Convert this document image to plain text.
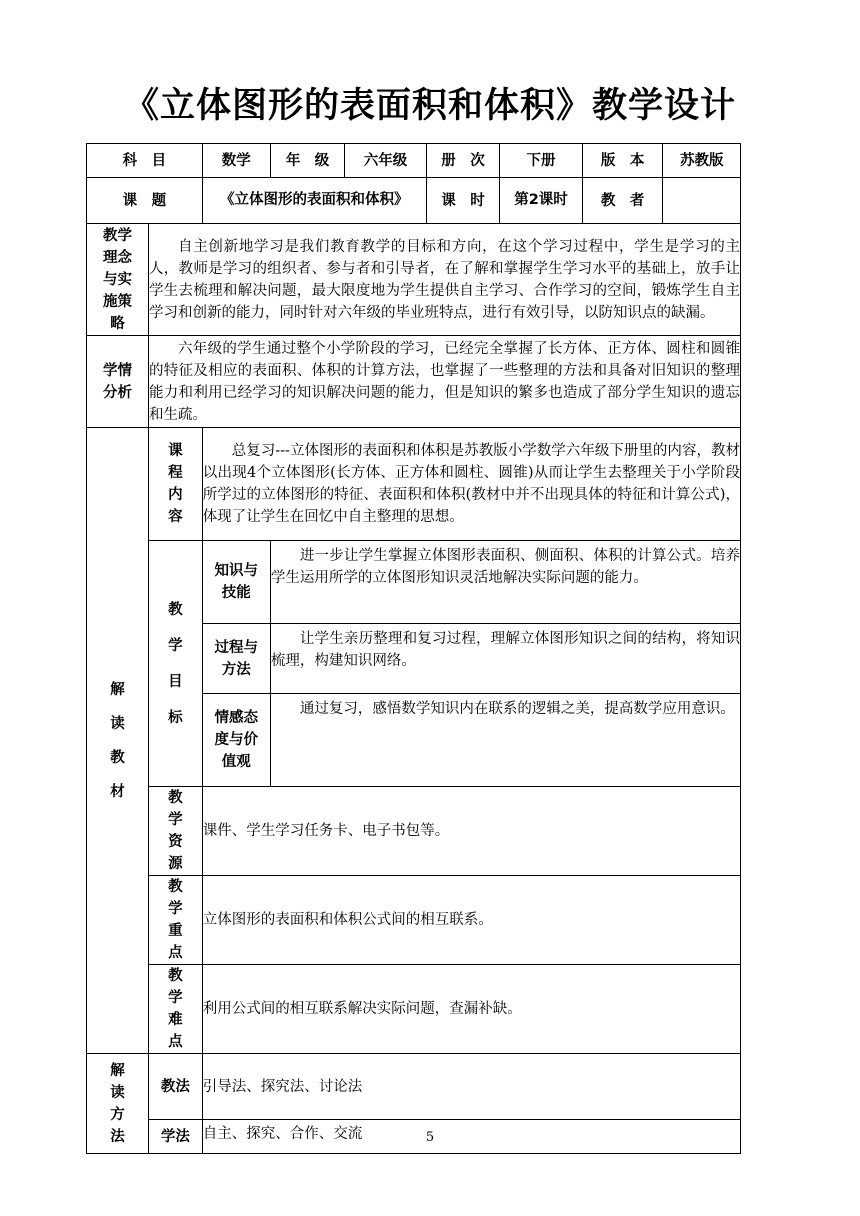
《立体图形的表面积和体积》教学设计
科　目		数学	年　级	六年级	册　次	下册	版　本	苏教版
课　题		《立体图形的表面积和体积》			课　时	第2课时	教　者	
教学理念与实施策略	自主创新地学习是我们教育教学的目标和方向，在这个学习过程中，学生是学习的主人，教师是学习的组织者、参与者和引导者，在了解和掌握学生学习水平的基础上，放手让学生去梳理和解决问题，最大限度地为学生提供自主学习、合作学习的空间，锻炼学生自主学习和创新的能力，同时针对六年级的毕业班特点，进行有效引导，以防知识点的缺漏。							
学情分析	六年级的学生通过整个小学阶段的学习，已经完全掌握了长方体、正方体、圆柱和圆锥的特征及相应的表面积、体积的计算方法，也掌握了一些整理的方法和具备对旧知识的整理能力和利用已经学习的知识解决问题的能力，但是知识的繁多也造成了部分学生知识的遗忘和生疏。							

解
读
教
材	课程内容	总复习---立体图形的表面积和体积是苏教版小学数学六年级下册里的内容，教材以出现4个立体图形(长方体、正方体和圆柱、圆锥)从而让学生去整理关于小学阶段所学过的立体图形的特征、表面积和体积(教材中并不出现具体的特征和计算公式)，体现了让学生在回忆中自主整理的思想。						

	教
学
目
标	知识与技能	进一步让学生掌握立体图形表面积、侧面积、体积的计算公式。培养学生运用所学的立体图形知识灵活地解决实际问题的能力。					
		过程与方法	让学生亲历整理和复习过程，理解立体图形知识之间的结构，将知识梳理，构建知识网络。					
		情感态度与价值观	通过复习，感悟数学知识内在联系的逻辑之美，提高数学应用意识。					
	教学资源	课件、学生学习任务卡、电子书包等。						
	教学重点	立体图形的表面积和体积公式间的相互联系。						
	教学难点	利用公式间的相互联系解决实际问题，查漏补缺。						

解
读
方
法	教法	引导法、探究法、讨论法						
	学法	自主、探究、合作、交流							5
